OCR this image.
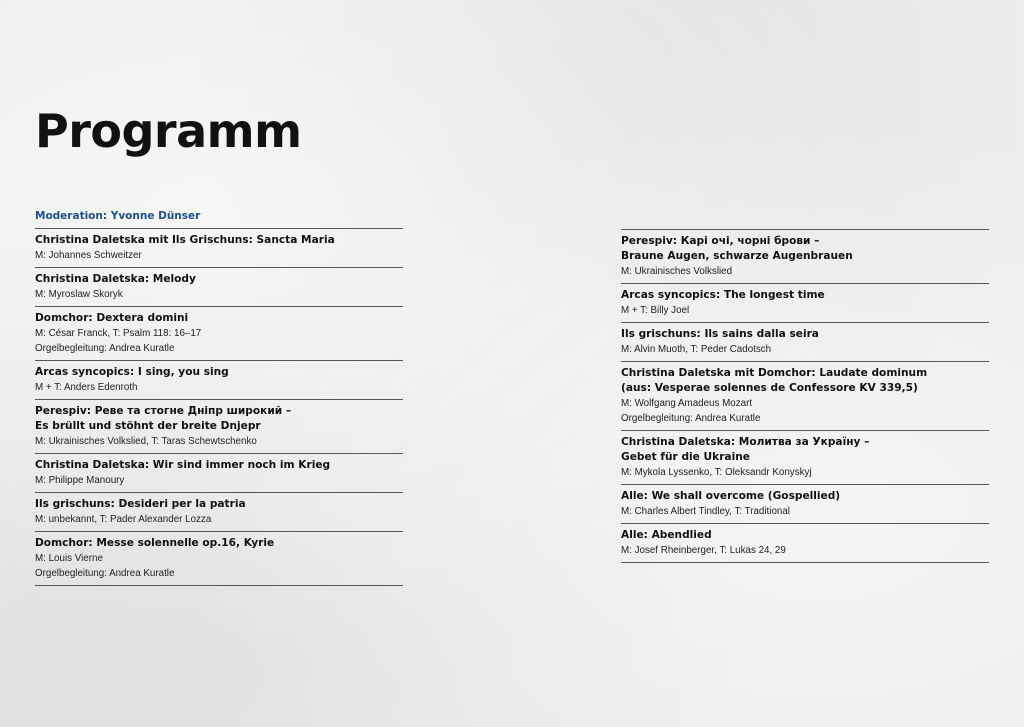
Programm
Moderation: Yvonne Dünser
Christina Daletska mit Ils Grischuns: Sancta Maria
M: Johannes Schweitzer
Christina Daletska: Melody
M: Myroslaw Skoryk
Domchor: Dextera domini
M: César Franck, T: Psalm 118: 16–17
Orgelbegleitung: Andrea Kuratle
Arcas syncopics: I sing, you sing
M + T: Anders Edenroth
Perespiv: Реве та стогне Дніпр широкий –
Es brüllt und stöhnt der breite Dnjepr
M: Ukrainisches Volkslied, T: Taras Schewtschenko
Christina Daletska: Wir sind immer noch im Krieg
M: Philippe Manoury
Ils grischuns: Desideri per la patria
M: unbekannt, T: Pader Alexander Lozza
Domchor: Messe solennelle op.16, Kyrie
M: Louis Vierne
Orgelbegleitung: Andrea Kuratle
Perespiv: Карі очі, чорні брови –
Braune Augen, schwarze Augenbrauen
M: Ukrainisches Volkslied
Arcas syncopics: The longest time
M + T: Billy Joel
Ils grischuns: Ils sains dalla seira
M: Alvin Muoth, T: Peder Cadotsch
Christina Daletska mit Domchor: Laudate dominum
(aus: Vesperae solennes de Confessore KV 339,5)
M: Wolfgang Amadeus Mozart
Orgelbegleitung: Andrea Kuratle
Christina Daletska: Молитва за Україну –
Gebet für die Ukraine
M: Mykola Lyssenko, T: Oleksandr Konyskyj
Alle: We shall overcome (Gospellied)
M: Charles Albert Tindley, T: Traditional
Alle: Abendlied
M: Josef Rheinberger, T: Lukas 24, 29
